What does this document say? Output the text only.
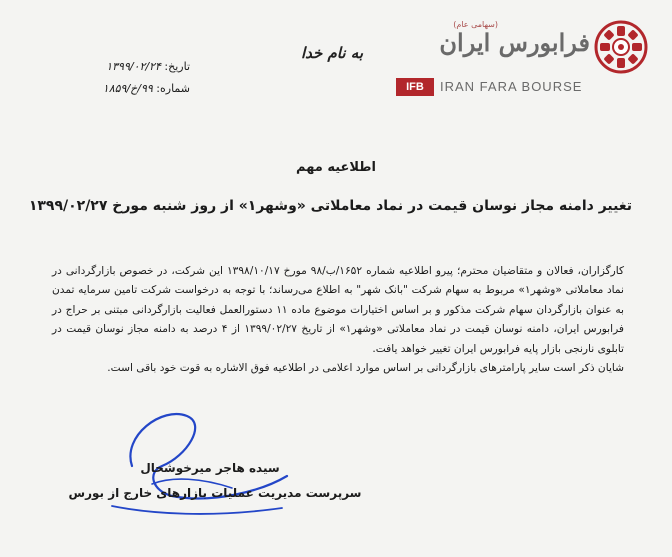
(سهامی عام)
فرابورس ایران
IFB	IRAN FARA BOURSE
به نام خدا
تاریخ: ۱۳۹۹/۰۲/۲۴
شماره: ۹۹/خ/۱۸۵۹
اطلاعیه مهم
تغییر دامنه مجاز نوسان قیمت در نماد معاملاتی «وشهر۱» از روز شنبه مورخ ۱۳۹۹/۰۲/۲۷

کارگزاران، فعالان و متقاضیان محترم؛ پیرو اطلاعیه شماره ۱۶۵۲/ب/۹۸ مورخ ۱۳۹۸/۱۰/۱۷ این شرکت، در خصوص بازارگردانی در نماد معاملاتی «وشهر۱» مربوط به سهام شرکت "بانک شهر" به اطلاع می‌رساند؛ با توجه به درخواست شرکت تامین سرمایه تمدن به عنوان بازارگردان سهام شرکت مذکور و بر اساس اختیارات موضوع ماده ۱۱ دستورالعمل فعالیت بازارگردانی مبتنی بر حراج در فرابورس ایران، دامنه نوسان قیمت در نماد معاملاتی «وشهر۱» از تاریخ ۱۳۹۹/۰۲/۲۷ از ۴ درصد به دامنه مجاز نوسان قیمت در تابلوی نارنجی بازار پایه فرابورس ایران تغییر خواهد یافت.

شایان ذکر است سایر پارامترهای بازارگردانی بر اساس موارد اعلامی در اطلاعیه فوق الاشاره به قوت خود باقی است.

سیده هاجر میرخوشحال
سرپرست مدیریت عملیات بازارهای خارج از بورس
